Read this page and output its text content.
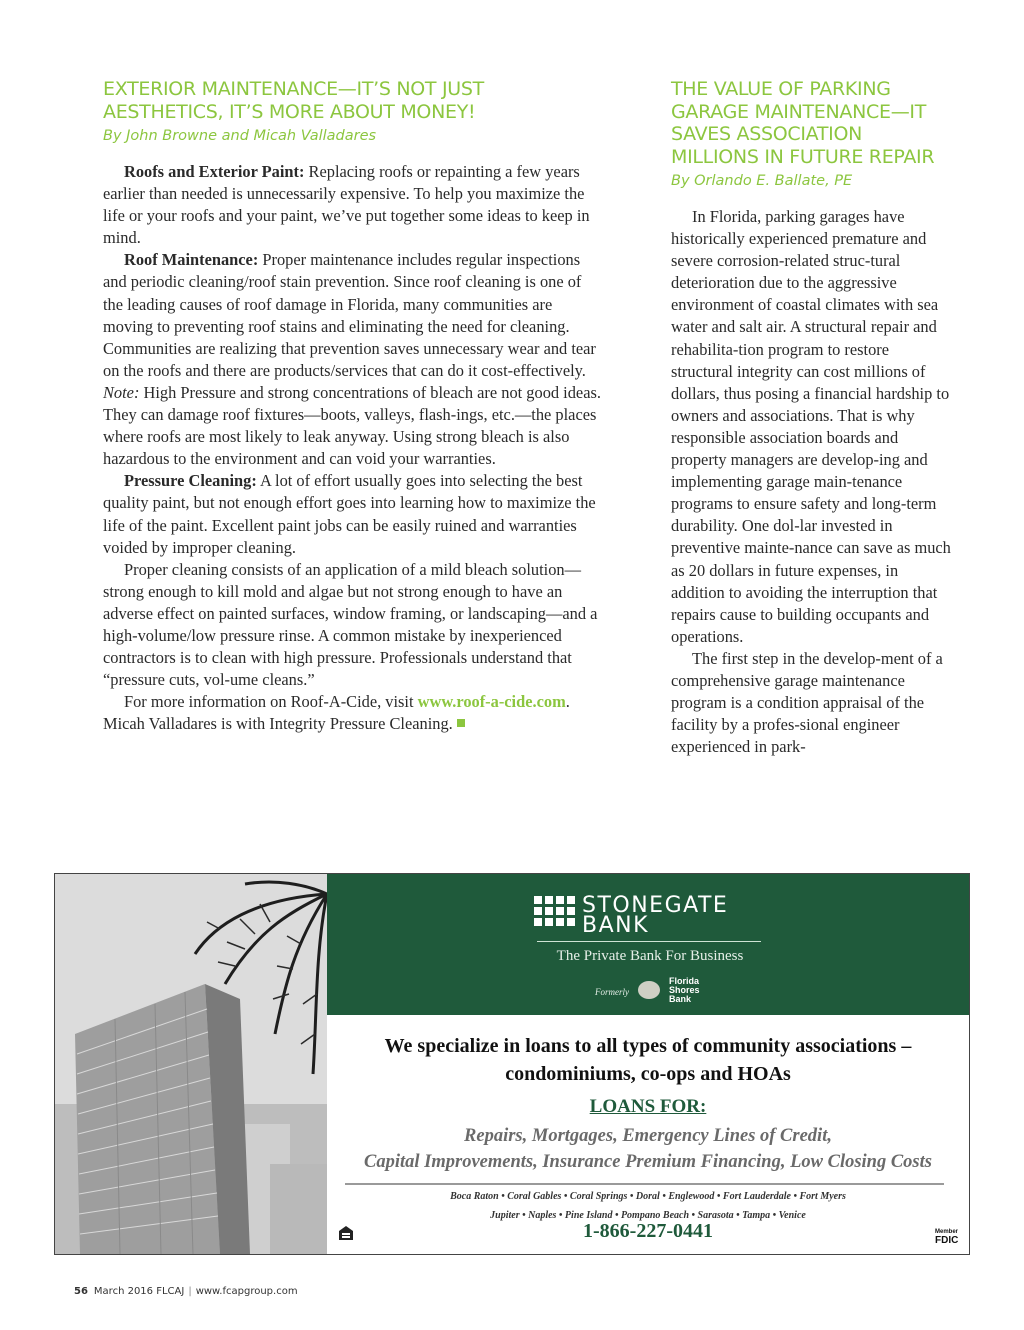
EXTERIOR MAINTENANCE—IT’S NOT JUST AESTHETICS, IT’S MORE ABOUT MONEY!
By John Browne and Micah Valladares

Roofs and Exterior Paint: Replacing roofs or repainting a few years earlier than needed is unnecessarily expensive. To help you maximize the life or your roofs and your paint, we’ve put together some ideas to keep in mind.

Roof Maintenance: Proper maintenance includes regular inspections and periodic cleaning/roof stain prevention. Since roof cleaning is one of the leading causes of roof damage in Florida, many communities are moving to preventing roof stains and eliminating the need for cleaning. Communities are realizing that prevention saves unnecessary wear and tear on the roofs and there are products/services that can do it cost-effectively.

Note: High Pressure and strong concentrations of bleach are not good ideas. They can damage roof fixtures—boots, valleys, flash-ings, etc.—the places where roofs are most likely to leak anyway. Using strong bleach is also hazardous to the environment and can void your warranties.

Pressure Cleaning: A lot of effort usually goes into selecting the best quality paint, but not enough effort goes into learning how to maximize the life of the paint. Excellent paint jobs can be easily ruined and warranties voided by improper cleaning.

Proper cleaning consists of an application of a mild bleach solution—strong enough to kill mold and algae but not strong enough to have an adverse effect on painted surfaces, window framing, or landscaping—and a high-volume/low pressure rinse. A common mistake by inexperienced contractors is to clean with high pressure. Professionals understand that “pressure cuts, vol-ume cleans.”

For more information on Roof-A-Cide, visit www.roof-a-cide.com. Micah Valladares is with Integrity Pressure Cleaning.

THE VALUE OF PARKING GARAGE MAINTENANCE—IT SAVES ASSOCIATION MILLIONS IN FUTURE REPAIR
By Orlando E. Ballate, PE

In Florida, parking garages have historically experienced premature and severe corrosion-related struc-tural deterioration due to the aggressive environment of coastal climates with sea water and salt air. A structural repair and rehabilita-tion program to restore structural integrity can cost millions of dollars, thus posing a financial hardship to owners and associations. That is why responsible association boards and property managers are develop-ing and implementing garage main-tenance programs to ensure safety and long-term durability. One dol-lar invested in preventive mainte-nance can save as much as 20 dollars in future expenses, in addition to avoiding the interruption that repairs cause to building occupants and operations.

The first step in the develop-ment of a comprehensive garage maintenance program is a condition appraisal of the facility by a profes-sional engineer experienced in park-

STONEGATE
BANK
The Private Bank For Business
Formerly
Florida
Shores
Bank
We specialize in loans to all types of community associations –
condominiums, co-ops and HOAs
LOANS FOR:
Repairs, Mortgages, Emergency Lines of Credit,
Capital Improvements, Insurance Premium Financing, Low Closing Costs
Boca Raton • Coral Gables • Coral Springs • Doral • Englewood • Fort Lauderdale • Fort Myers
Jupiter • Naples • Pine Island • Pompano Beach • Sarasota • Tampa • Venice
1-866-227-0441	Member
FDIC
56 March 2016 FLCAJ | www.fcapgroup.com
